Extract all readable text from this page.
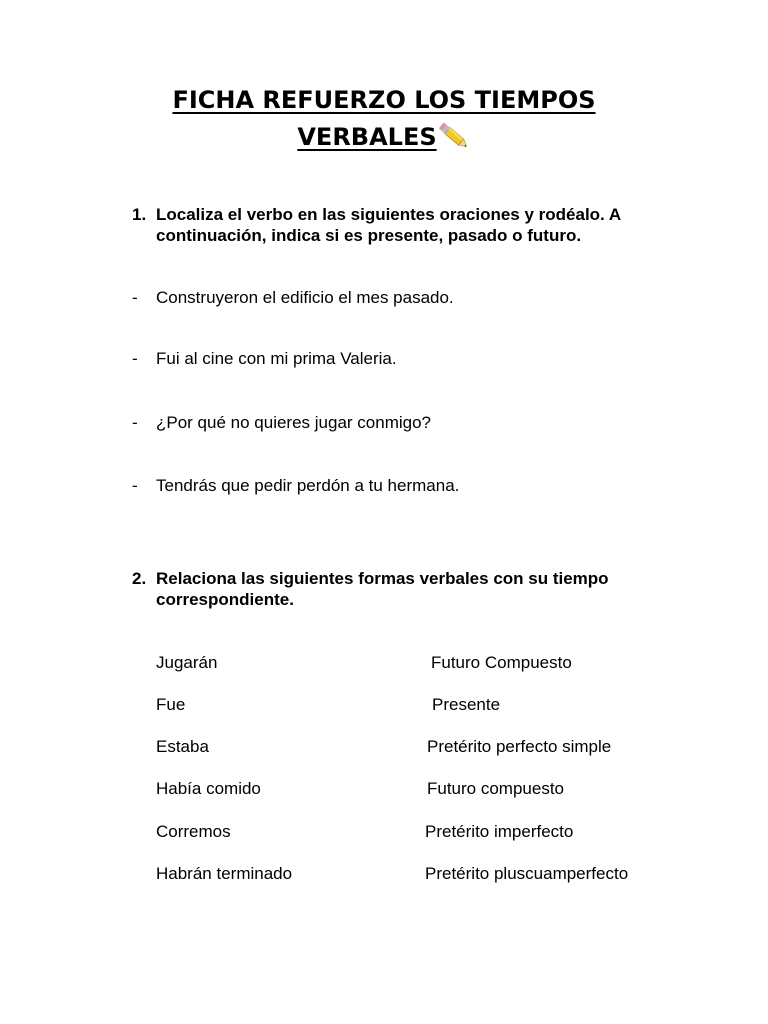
FICHA REFUERZO LOS TIEMPOS
VERBALES
1. Localiza el verbo en las siguientes oraciones y rodéalo. A continuación, indica si es presente, pasado o futuro.
- Construyeron el edificio el mes pasado.
- Fui al cine con mi prima Valeria.
- ¿Por qué no quieres jugar conmigo?
- Tendrás que pedir perdón a tu hermana.
2. Relaciona las siguientes formas verbales con su tiempo correspondiente.
Jugarán	Futuro Compuesto
Fue	Presente
Estaba	Pretérito perfecto simple
Había comido	Futuro compuesto
Corremos	Pretérito imperfecto
Habrán terminado	Pretérito pluscuamperfecto
